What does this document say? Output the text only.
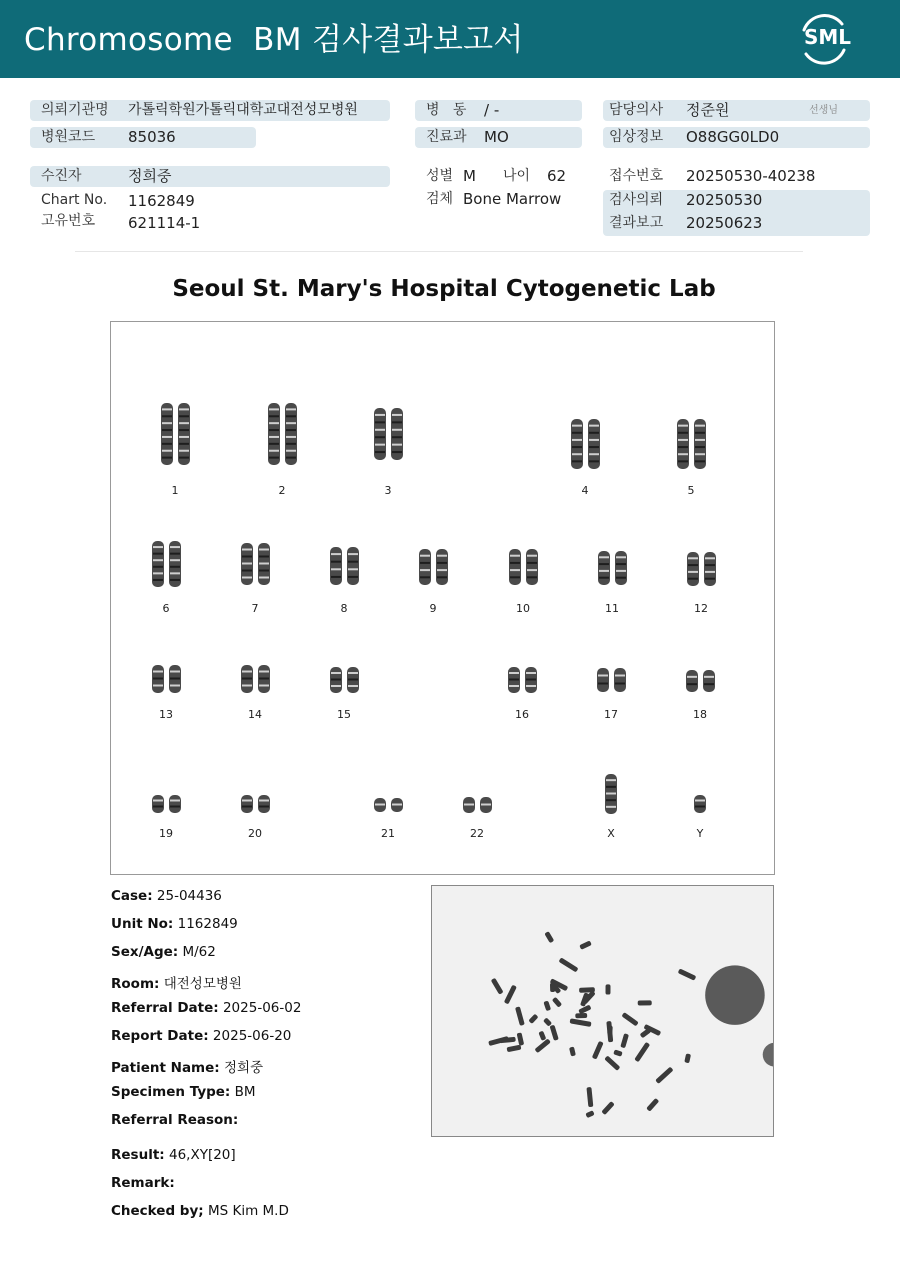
Chromosome  BM 검사결과보고서	SML
의뢰기관명 가톨릭학원가톨릭대학교대전성모병원
병원코드 85036
병   동 / -
진료과 MO
담당의사 정준원	선생님
임상정보 O88GG0LD0
수진자	정희중
Chart No. 1162849
고유번호 621114-1
성별 M 나이 62
검체 Bone Marrow
접수번호 20250530-40238
검사의뢰 20250530
결과보고 20250623
Seoul St. Mary's Hospital Cytogenetic Lab
1	2	3	4	5
6	7	8	9	10	11	12
13	14	15	16	17	18
19	20	21	22	X	Y
Case: 25-04436
Unit No: 1162849
Sex/Age: M/62
Room: 대전성모병원
Referral Date: 2025-06-02
Report Date: 2025-06-20
Patient Name: 정희중
Specimen Type: BM
Referral Reason:
Result: 46,XY[20]
Remark:
Checked by; MS Kim M.D
